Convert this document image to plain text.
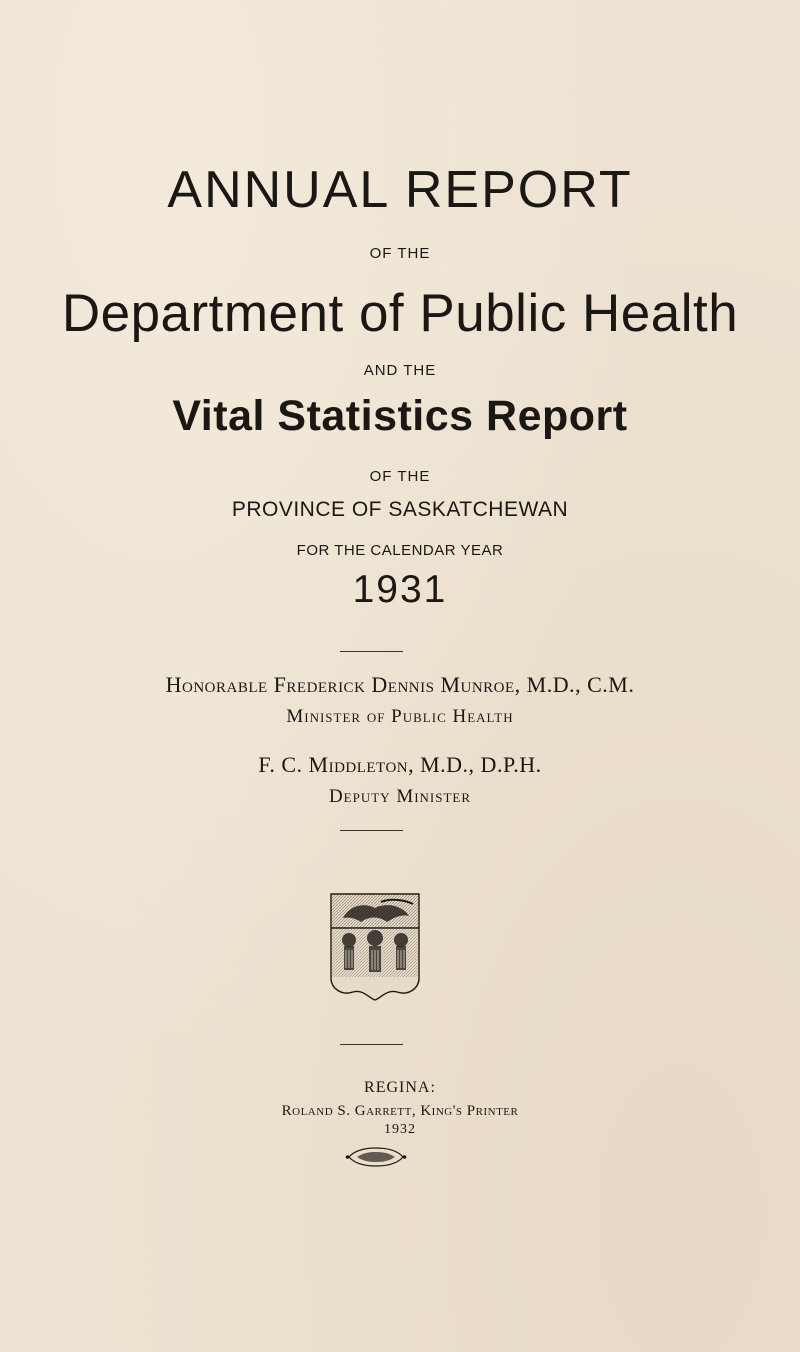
ANNUAL REPORT
OF THE
Department of Public Health
AND THE
Vital Statistics Report
OF THE
PROVINCE OF SASKATCHEWAN
FOR THE CALENDAR YEAR
1931
Honorable Frederick Dennis Munroe, M.D., C.M.
Minister of Public Health
F. C. Middleton, M.D., D.P.H.
Deputy Minister
REGINA:
Roland S. Garrett, King's Printer
1932
